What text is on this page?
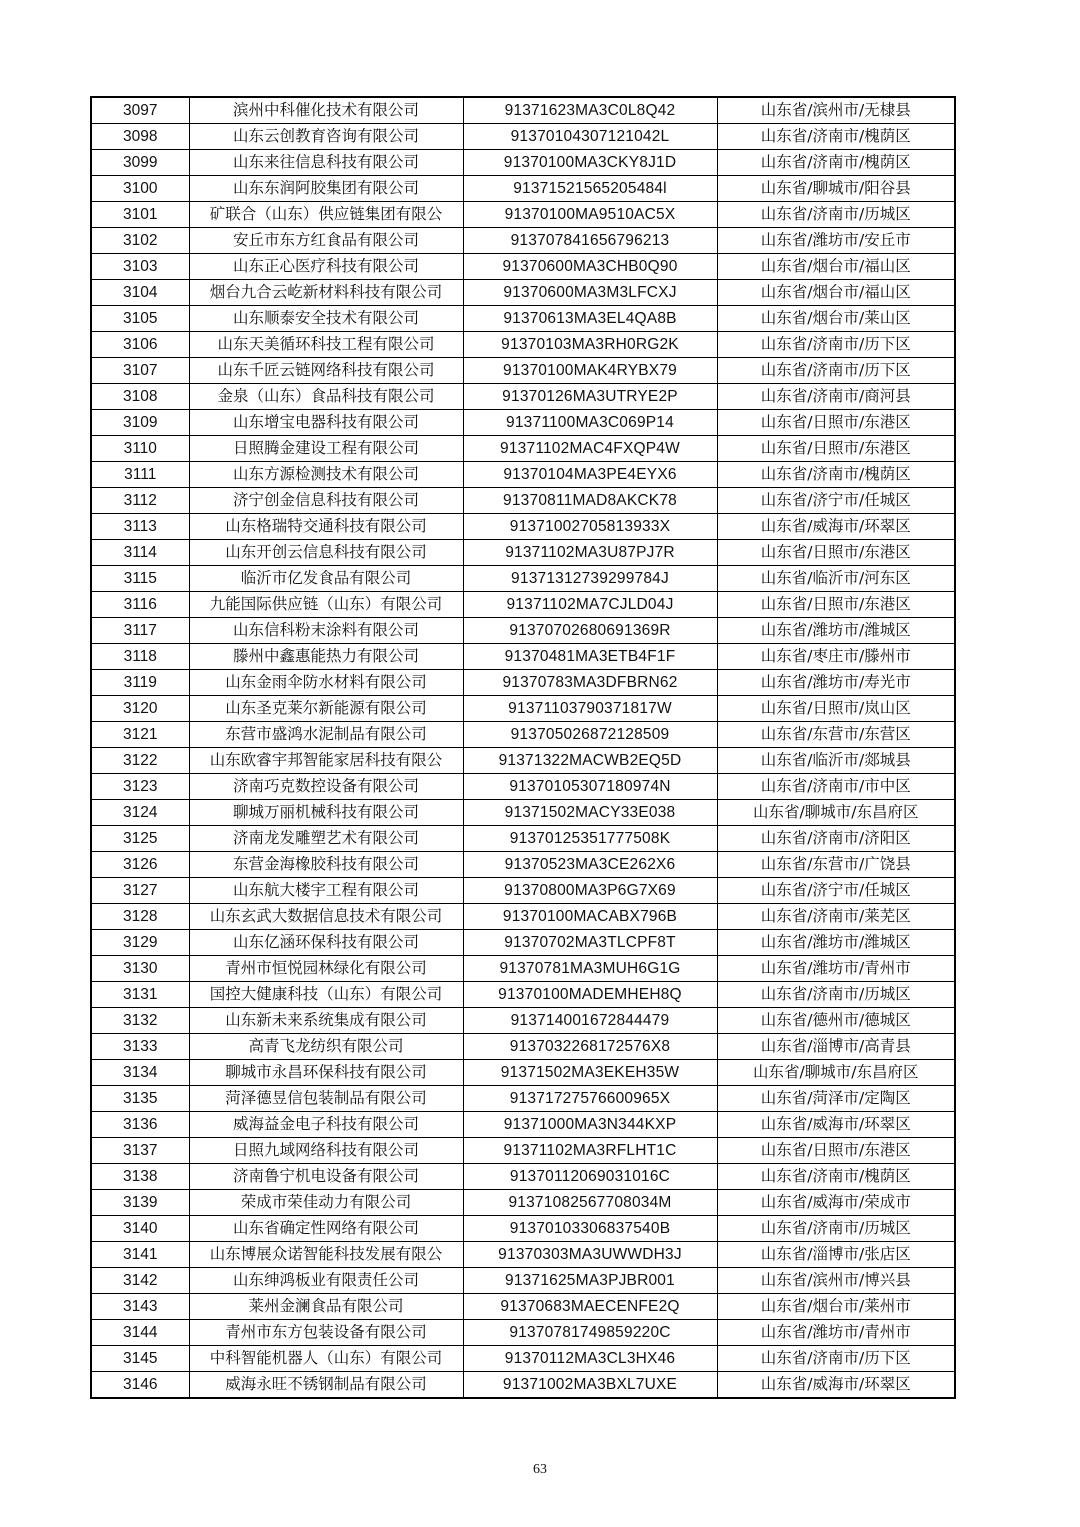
3097	滨州中科催化技术有限公司	91371623MA3C0L8Q42	山东省/滨州市/无棣县
3098	山东云创教育咨询有限公司	91370104307121042L	山东省/济南市/槐荫区
3099	山东来往信息科技有限公司	91370100MA3CKY8J1D	山东省/济南市/槐荫区
3100	山东东润阿胶集团有限公司	91371521565205484l	山东省/聊城市/阳谷县
3101	矿联合（山东）供应链集团有限公	91370100MA9510AC5X	山东省/济南市/历城区
3102	安丘市东方红食品有限公司	913707841656796213	山东省/潍坊市/安丘市
3103	山东正心医疗科技有限公司	91370600MA3CHB0Q90	山东省/烟台市/福山区
3104	烟台九合云屹新材料科技有限公司	91370600MA3M3LFCXJ	山东省/烟台市/福山区
3105	山东顺泰安全技术有限公司	91370613MA3EL4QA8B	山东省/烟台市/莱山区
3106	山东天美循环科技工程有限公司	91370103MA3RH0RG2K	山东省/济南市/历下区
3107	山东千匠云链网络科技有限公司	91370100MAK4RYBX79	山东省/济南市/历下区
3108	金泉（山东）食品科技有限公司	91370126MA3UTRYE2P	山东省/济南市/商河县
3109	山东增宝电器科技有限公司	91371100MA3C069P14	山东省/日照市/东港区
3110	日照腾金建设工程有限公司	91371102MAC4FXQP4W	山东省/日照市/东港区
3111	山东方源检测技术有限公司	91370104MA3PE4EYX6	山东省/济南市/槐荫区
3112	济宁创金信息科技有限公司	91370811MAD8AKCK78	山东省/济宁市/任城区
3113	山东格瑞特交通科技有限公司	91371002705813933X	山东省/威海市/环翠区
3114	山东开创云信息科技有限公司	91371102MA3U87PJ7R	山东省/日照市/东港区
3115	临沂市亿发食品有限公司	91371312739299784J	山东省/临沂市/河东区
3116	九能国际供应链（山东）有限公司	91371102MA7CJLD04J	山东省/日照市/东港区
3117	山东信科粉末涂料有限公司	91370702680691369R	山东省/潍坊市/潍城区
3118	滕州中鑫惠能热力有限公司	91370481MA3ETB4F1F	山东省/枣庄市/滕州市
3119	山东金雨伞防水材料有限公司	91370783MA3DFBRN62	山东省/潍坊市/寿光市
3120	山东圣克莱尔新能源有限公司	91371103790371817W	山东省/日照市/岚山区
3121	东营市盛鸿水泥制品有限公司	913705026872128509	山东省/东营市/东营区
3122	山东欧睿宇邦智能家居科技有限公	91371322MACWB2EQ5D	山东省/临沂市/郯城县
3123	济南巧克数控设备有限公司	91370105307180974N	山东省/济南市/市中区
3124	聊城万丽机械科技有限公司	91371502MACY33E038	山东省/聊城市/东昌府区
3125	济南龙发雕塑艺术有限公司	91370125351777508K	山东省/济南市/济阳区
3126	东营金海橡胶科技有限公司	91370523MA3CE262X6	山东省/东营市/广饶县
3127	山东航大楼宇工程有限公司	91370800MA3P6G7X69	山东省/济宁市/任城区
3128	山东玄武大数据信息技术有限公司	91370100MACABX796B	山东省/济南市/莱芜区
3129	山东亿涵环保科技有限公司	91370702MA3TLCPF8T	山东省/潍坊市/潍城区
3130	青州市恒悦园林绿化有限公司	91370781MA3MUH6G1G	山东省/潍坊市/青州市
3131	国控大健康科技（山东）有限公司	91370100MADEMHEH8Q	山东省/济南市/历城区
3132	山东新未来系统集成有限公司	913714001672844479	山东省/德州市/德城区
3133	高青飞龙纺织有限公司	9137032268172576X8	山东省/淄博市/高青县
3134	聊城市永昌环保科技有限公司	91371502MA3EKEH35W	山东省/聊城市/东昌府区
3135	菏泽德昱信包装制品有限公司	91371727576600965X	山东省/菏泽市/定陶区
3136	威海益金电子科技有限公司	91371000MA3N344KXP	山东省/威海市/环翠区
3137	日照九域网络科技有限公司	91371102MA3RFLHT1C	山东省/日照市/东港区
3138	济南鲁宁机电设备有限公司	91370112069031016C	山东省/济南市/槐荫区
3139	荣成市荣佳动力有限公司	91371082567708034M	山东省/威海市/荣成市
3140	山东省确定性网络有限公司	91370103306837540B	山东省/济南市/历城区
3141	山东博展众诺智能科技发展有限公	91370303MA3UWWDH3J	山东省/淄博市/张店区
3142	山东绅鸿板业有限责任公司	91371625MA3PJBR001	山东省/滨州市/博兴县
3143	莱州金澜食品有限公司	91370683MAECENFE2Q	山东省/烟台市/莱州市
3144	青州市东方包装设备有限公司	91370781749859220C	山东省/潍坊市/青州市
3145	中科智能机器人（山东）有限公司	91370112MA3CL3HX46	山东省/济南市/历下区
3146	威海永旺不锈钢制品有限公司	91371002MA3BXL7UXE	山东省/威海市/环翠区
63
